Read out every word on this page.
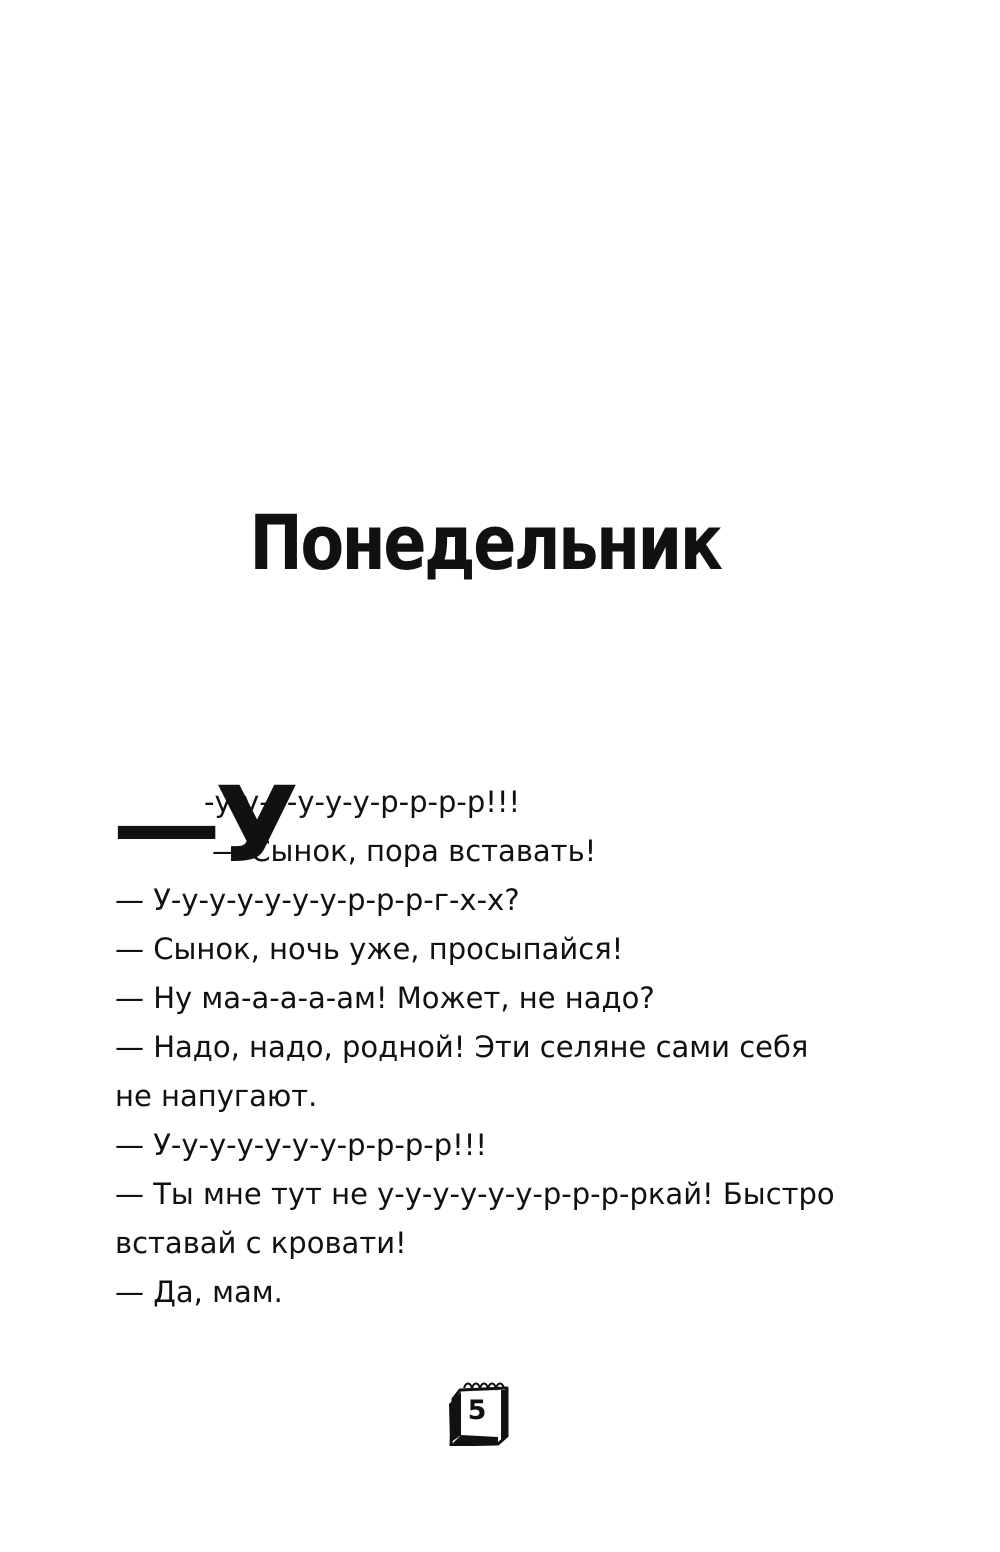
Понедельник
—У
-у-у-у-у-у-у-р-р-р-р!!!
— Сынок, пора вставать!
— У-у-у-у-у-у-у-р-р-р-г-х-х?
— Сынок, ночь уже, просыпайся!
— Ну ма-а-а-а-ам! Может, не надо?
— Надо, надо, родной! Эти селяне сами себя
не напугают.
— У-у-у-у-у-у-у-р-р-р-р!!!
— Ты мне тут не у-у-у-у-у-у-р-р-р-ркай! Быстро
вставай с кровати!
— Да, мам.
5
